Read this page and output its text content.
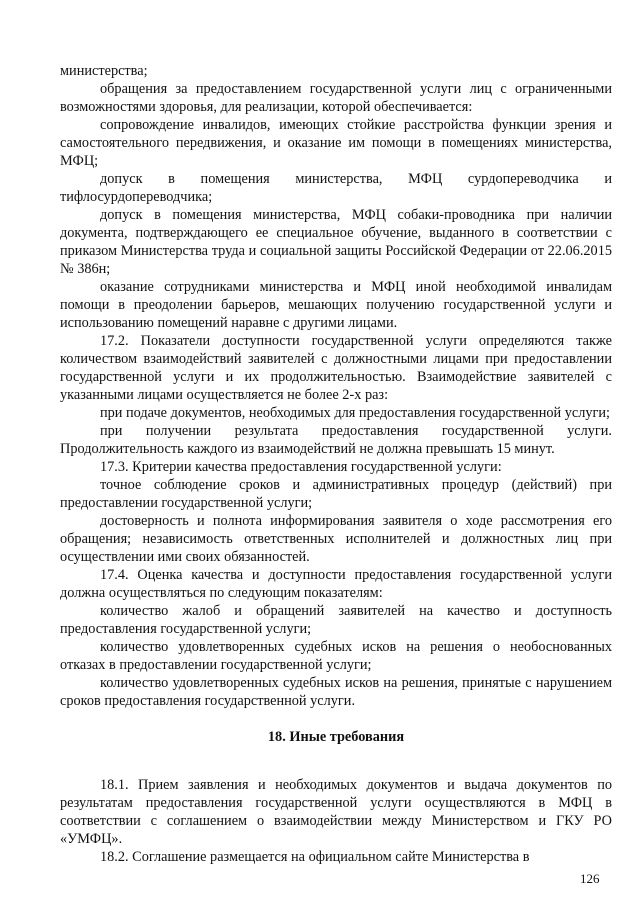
министерства;

обращения за предоставлением государственной услуги лиц с ограниченными возможностями здоровья, для реализации, которой обеспечивается:

сопровождение инвалидов, имеющих стойкие расстройства функции зрения и самостоятельного передвижения, и оказание им помощи в помещениях министерства, МФЦ;

допуск в помещения министерства, МФЦ сурдопереводчика и тифлосурдопереводчика;

допуск в помещения министерства, МФЦ собаки-проводника при наличии документа, подтверждающего ее специальное обучение, выданного в соответствии с приказом Министерства труда и социальной защиты Российской Федерации от 22.06.2015 № 386н;

оказание сотрудниками министерства и МФЦ иной необходимой инвалидам помощи в преодолении барьеров, мешающих получению государственной услуги и использованию помещений наравне с другими лицами.

17.2. Показатели доступности государственной услуги определяются также количеством взаимодействий заявителей с должностными лицами при предоставлении государственной услуги и их продолжительностью. Взаимодействие заявителей с указанными лицами осуществляется не более 2-х раз:

при подаче документов, необходимых для предоставления государственной услуги;

при получении результата предоставления государственной услуги. Продолжительность каждого из взаимодействий не должна превышать 15 минут.

17.3. Критерии качества предоставления государственной услуги:

точное соблюдение сроков и административных процедур (действий) при предоставлении государственной услуги;

достоверность и полнота информирования заявителя о ходе рассмотрения его обращения; независимость ответственных исполнителей и должностных лиц при осуществлении ими своих обязанностей.

17.4. Оценка качества и доступности предоставления государственной услуги должна осуществляться по следующим показателям:

количество жалоб и обращений заявителей на качество и доступность предоставления государственной услуги;

количество удовлетворенных судебных исков на решения о необоснованных отказах в предоставлении государственной услуги;

количество удовлетворенных судебных исков на решения, принятые с нарушением сроков предоставления государственной услуги.

18. Иные требования

18.1. Прием заявления и необходимых документов и выдача документов по результатам предоставления государственной услуги осуществляются в МФЦ в соответствии с соглашением о взаимодействии между Министерством и ГКУ РО «УМФЦ».

18.2. Соглашение размещается на официальном сайте Министерства в

126
